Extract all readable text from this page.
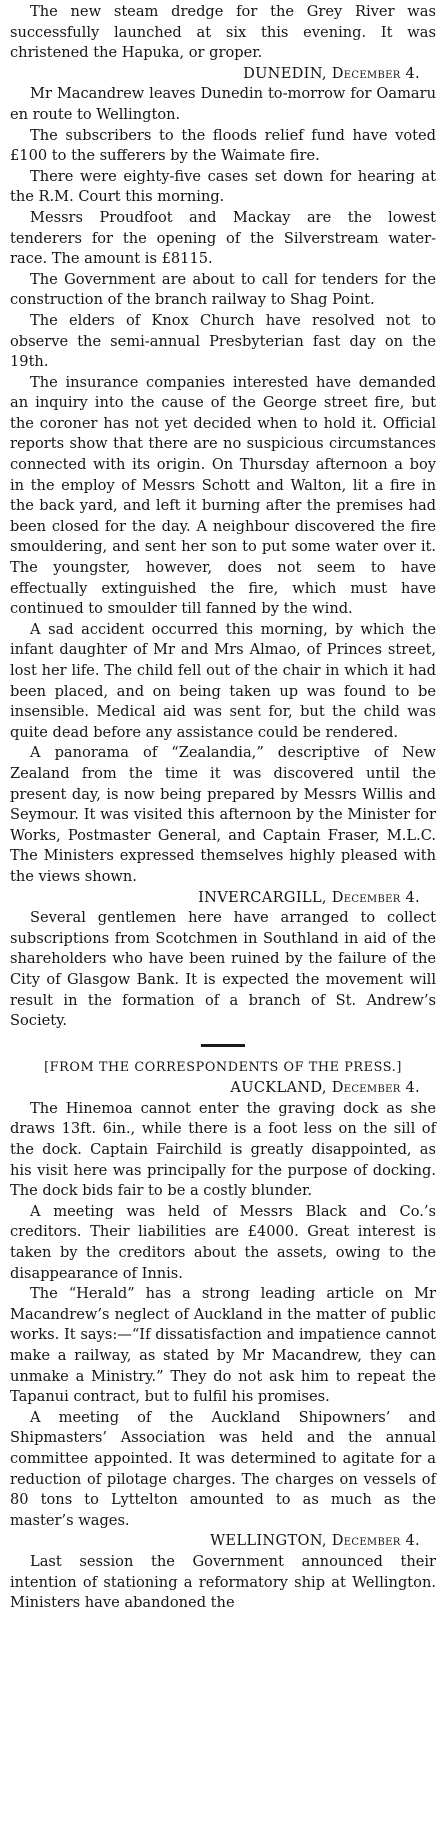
The new steam dredge for the Grey River was successfully launched at six this evening. It was christened the Hapuka, or groper.

DUNEDIN, December 4.

Mr Macandrew leaves Dunedin to-morrow for Oamaru en route to Wellington.

The subscribers to the floods relief fund have voted £100 to the sufferers by the Waimate fire.

There were eighty-five cases set down for hearing at the R.M. Court this morning.

Messrs Proudfoot and Mackay are the lowest tenderers for the opening of the Silverstream water-race. The amount is £8115.

The Government are about to call for tenders for the construction of the branch railway to Shag Point.

The elders of Knox Church have resolved not to observe the semi-annual Presbyterian fast day on the 19th.

The insurance companies interested have demanded an inquiry into the cause of the George street fire, but the coroner has not yet decided when to hold it. Official reports show that there are no suspicious circumstances connected with its origin. On Thursday afternoon a boy in the employ of Messrs Schott and Walton, lit a fire in the back yard, and left it burning after the premises had been closed for the day. A neighbour discovered the fire smouldering, and sent her son to put some water over it. The youngster, however, does not seem to have effectually extinguished the fire, which must have continued to smoulder till fanned by the wind.

A sad accident occurred this morning, by which the infant daughter of Mr and Mrs Almao, of Princes street, lost her life. The child fell out of the chair in which it had been placed, and on being taken up was found to be insensible. Medical aid was sent for, but the child was quite dead before any assistance could be rendered.

A panorama of “Zealandia,” descriptive of New Zealand from the time it was discovered until the present day, is now being prepared by Messrs Willis and Seymour. It was visited this afternoon by the Minister for Works, Postmaster General, and Captain Fraser, M.L.C. The Ministers expressed themselves highly pleased with the views shown.

INVERCARGILL, December 4.

Several gentlemen here have arranged to collect subscriptions from Scotchmen in Southland in aid of the shareholders who have been ruined by the failure of the City of Glasgow Bank. It is expected the movement will result in the formation of a branch of St. Andrew’s Society.

[FROM THE CORRESPONDENTS OF THE PRESS.]

AUCKLAND, December 4.

The Hinemoa cannot enter the graving dock as she draws 13ft. 6in., while there is a foot less on the sill of the dock. Captain Fairchild is greatly disappointed, as his visit here was principally for the purpose of docking. The dock bids fair to be a costly blunder.

A meeting was held of Messrs Black and Co.’s creditors. Their liabilities are £4000. Great interest is taken by the creditors about the assets, owing to the disappearance of Innis.

The “Herald” has a strong leading article on Mr Macandrew’s neglect of Auckland in the matter of public works. It says:—“If dissatisfaction and impatience cannot make a railway, as stated by Mr Macandrew, they can unmake a Ministry.” They do not ask him to repeat the Tapanui contract, but to fulfil his promises.

A meeting of the Auckland Shipowners’ and Shipmasters’ Association was held and the annual committee appointed. It was determined to agitate for a reduction of pilotage charges. The charges on vessels of 80 tons to Lyttelton amounted to as much as the master’s wages.

WELLINGTON, December 4.

Last session the Government announced their intention of stationing a reformatory ship at Wellington. Ministers have abandoned the
